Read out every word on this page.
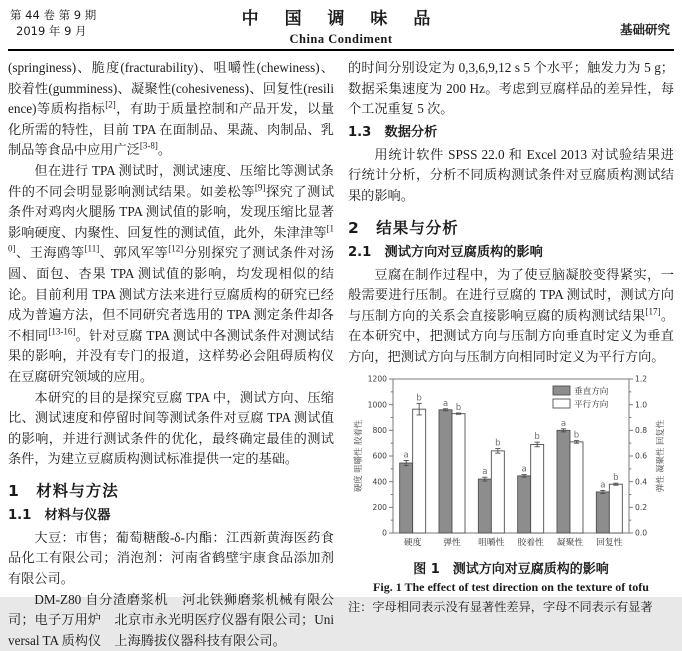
第 44 卷 第 9 期
2019 年 9 月
中 国 调 味 品
China Condiment
基础研究

(springiness)、脆度(fracturability)、咀嚼性(chewiness)、胶着性(gumminess)、凝聚性(cohesiveness)、回复性(resilience)等质构指标[2]，有助于质量控制和产品开发，以量化所需的特性，目前 TPA 在面制品、果蔬、肉制品、乳制品等食品中应用广泛[3-8]。

但在进行 TPA 测试时，测试速度、压缩比等测试条件的不同会明显影响测试结果。如姜松等[9]探究了测试条件对鸡肉火腿肠 TPA 测试值的影响，发现压缩比显著影响硬度、内聚性、回复性的测试值，此外，朱津津等[10]、王海鸥等[11]、郭风军等[12]分别探究了测试条件对汤圆、面包、杏果 TPA 测试值的影响，均发现相似的结论。目前利用 TPA 测试方法来进行豆腐质构的研究已经成为普遍方法，但不同研究者选用的 TPA 测定条件却各不相同[13-16]。针对豆腐 TPA 测试中各测试条件对测试结果的影响，并没有专门的报道，这样势必会阻碍质构仪在豆腐研究领域的应用。

本研究的目的是探究豆腐 TPA 中，测试方向、压缩比、测试速度和停留时间等测试条件对豆腐 TPA 测试值的影响，并进行测试条件的优化，最终确定最佳的测试条件，为建立豆腐质构测试标准提供一定的基础。

1　材料与方法
1.1　材料与仪器

大豆：市售；葡萄糖酸-δ-内酯：江西新黄海医药食品化工有限公司；消泡剂：河南省鹤壁宇康食品添加剂有限公司。

DM-Z80 自分渣磨浆机　河北铁狮磨浆机械有限公司；电子万用炉　北京市永光明医疗仪器有限公司；Universal TA 质构仪　上海腾拔仪器科技有限公司。

的时间分别设定为 0,3,6,9,12 s 5 个水平；触发力为 5 g；数据采集速度为 200 Hz。考虑到豆腐样品的差异性，每个工况重复 5 次。

1.3　数据分析

用统计软件 SPSS 22.0 和 Excel 2013 对试验结果进行统计分析，分析不同质构测试条件对豆腐质构测试结果的影响。

2　结果与分析
2.1　测试方向对豆腐质构的影响

豆腐在制作过程中，为了使豆脑凝胶变得紧实，一般需要进行压制。在进行豆腐的 TPA 测试时，测试方向与压制方向的关系会直接影响豆腐的质构测试结果[17]。在本研究中，把测试方向与压制方向垂直时定义为垂直方向，把测试方向与压制方向相同时定义为平行方向。

0	0.0
200	0.2
400	0.4
600	0.6
800	0.8
1000	1.0
1200	1.2
硬度 咀嚼性 胶着性	弹性 凝聚性 回复性
a
b
硬度
a b
弹性
a
b
咀嚼性
a
b
胶着性
a
b
凝聚性
a
b
回复性
垂直方向
平行方向
图 1　测试方向对豆腐质构的影响
Fig. 1 The effect of test direction on the texture of tofu
注：字母相同表示没有显著性差异，字母不同表示有显著
